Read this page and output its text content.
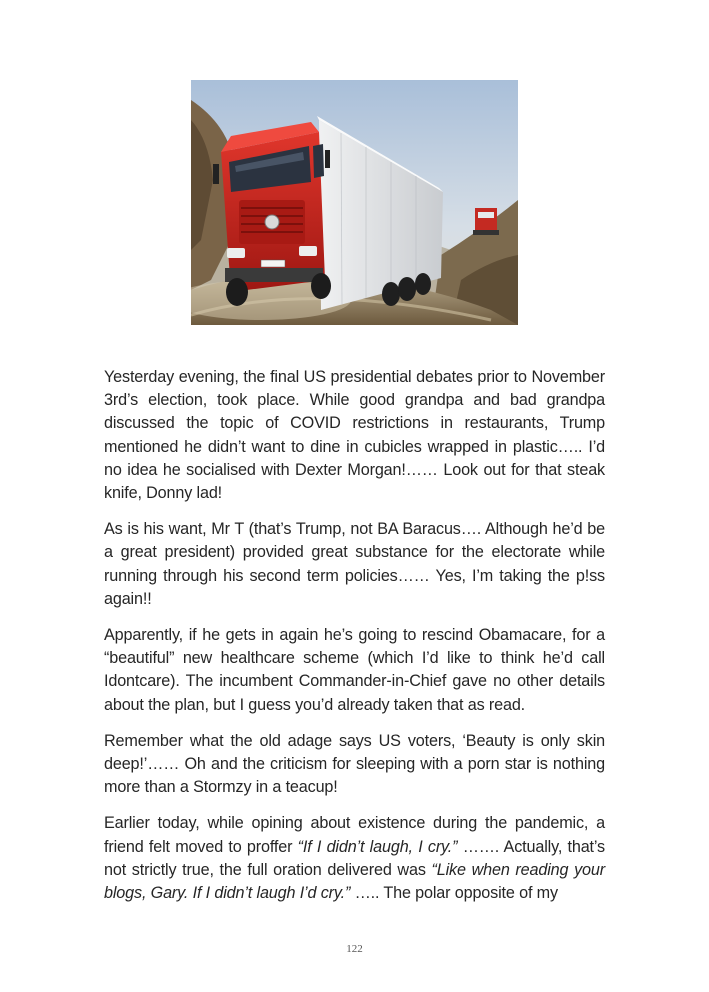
Yesterday evening, the final US presidential debates prior to November 3rd’s election, took place. While good grandpa and bad grandpa discussed the topic of COVID restrictions in restaurants, Trump mentioned he didn’t want to dine in cubicles wrapped in plastic….. I’d no idea he socialised with Dexter Morgan!…… Look out for that steak knife, Donny lad!

As is his want, Mr T (that’s Trump, not BA Baracus…. Although he’d be a great president) provided great substance for the electorate while running through his second term policies…… Yes, I’m taking the p!ss again!!

Apparently, if he gets in again he’s going to rescind Obamacare, for a “beautiful” new healthcare scheme (which I’d like to think he’d call Idontcare). The incumbent Commander-in-Chief gave no other details about the plan, but I guess you’d already taken that as read.

Remember what the old adage says US voters, ‘Beauty is only skin deep!’…… Oh and the criticism for sleeping with a porn star is nothing more than a Stormzy in a teacup!

Earlier today, while opining about existence during the pandemic, a friend felt moved to proffer “If I didn’t laugh, I cry.” ……. Actually, that’s not strictly true, the full oration delivered was “Like when reading your blogs, Gary. If I didn’t laugh I’d cry.” ….. The polar opposite of my

122
